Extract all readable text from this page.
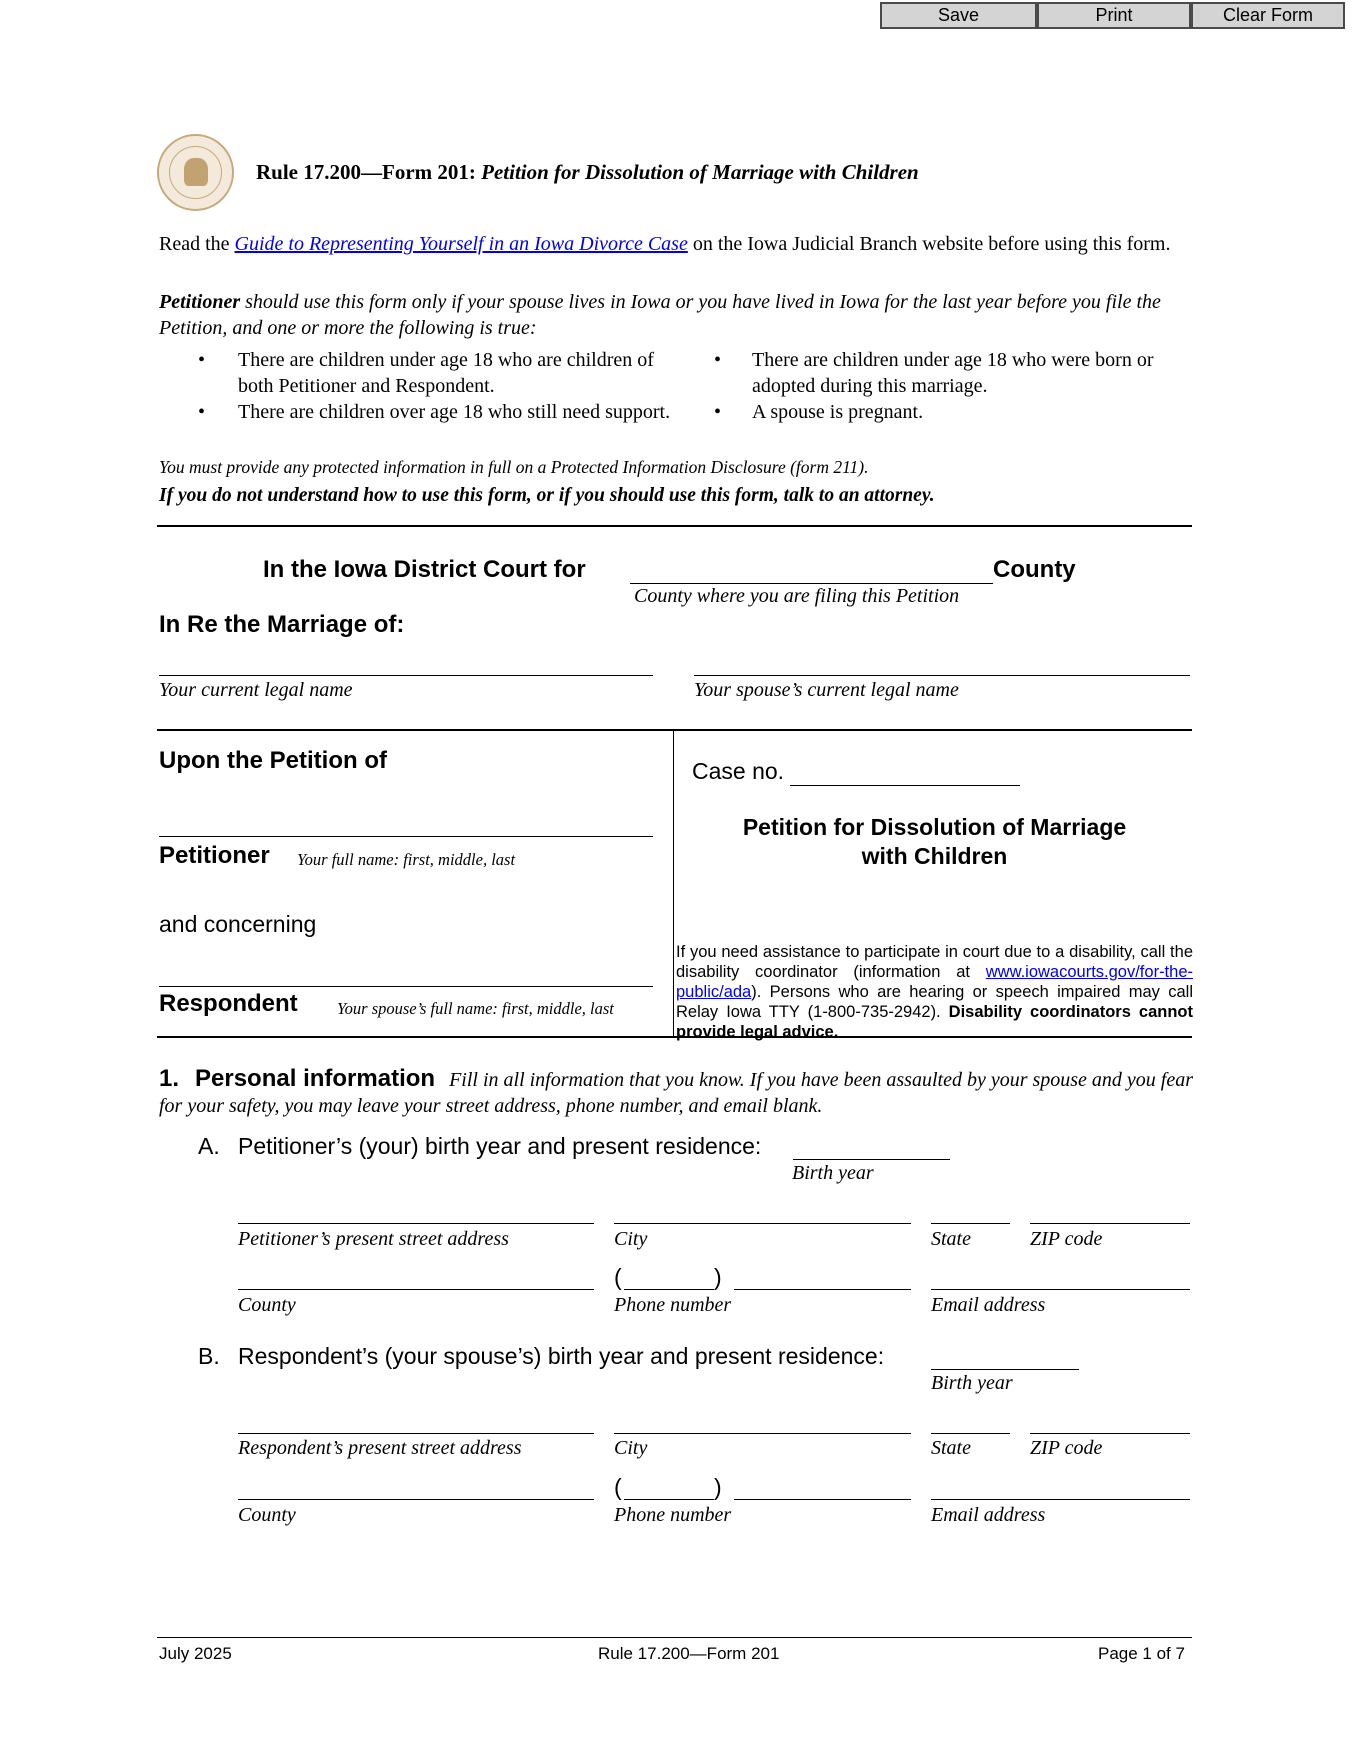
Save	Print	Clear Form
Rule 17.200—Form 201: Petition for Dissolution of Marriage with Children
Read the Guide to Representing Yourself in an Iowa Divorce Case on the Iowa Judicial Branch website before using this form.
Petitioner should use this form only if your spouse lives in Iowa or you have lived in Iowa for the last year before you file the Petition, and one or more the following is true:
• There are children under age 18 who are children of both Petitioner and Respondent.
• There are children over age 18 who still need support.
• There are children under age 18 who were born or adopted during this marriage.
• A spouse is pregnant.
You must provide any protected information in full on a Protected Information Disclosure (form 211).
If you do not understand how to use this form, or if you should use this form, talk to an attorney.
In the Iowa District Court for	County
County where you are filing this Petition
In Re the Marriage of:
Your current legal name	Your spouse’s current legal name
Upon the Petition of
Petitioner Your full name: first, middle, last
and concerning
Respondent Your spouse’s full name: first, middle, last
Case no.
Petition for Dissolution of Marriage
with Children
If you need assistance to participate in court due to a disability, call the disability coordinator (information at www.iowacourts.gov/for-the-public/ada). Persons who are hearing or speech impaired may call Relay Iowa TTY (1-800-735-2942). Disability coordinators cannot provide legal advice.
1. Personal information Fill in all information that you know. If you have been assaulted by your spouse and you fear for your safety, you may leave your street address, phone number, and email blank.
A. Petitioner’s (your) birth year and present residence:
Birth year
Petitioner’s present street address	City	State	ZIP code
(	)
County	Phone number	Email address
B. Respondent’s (your spouse’s) birth year and present residence:
Birth year
Respondent’s present street address	City	State	ZIP code
(	)
County	Phone number	Email address
July 2025	Rule 17.200—Form 201	Page 1 of 7
